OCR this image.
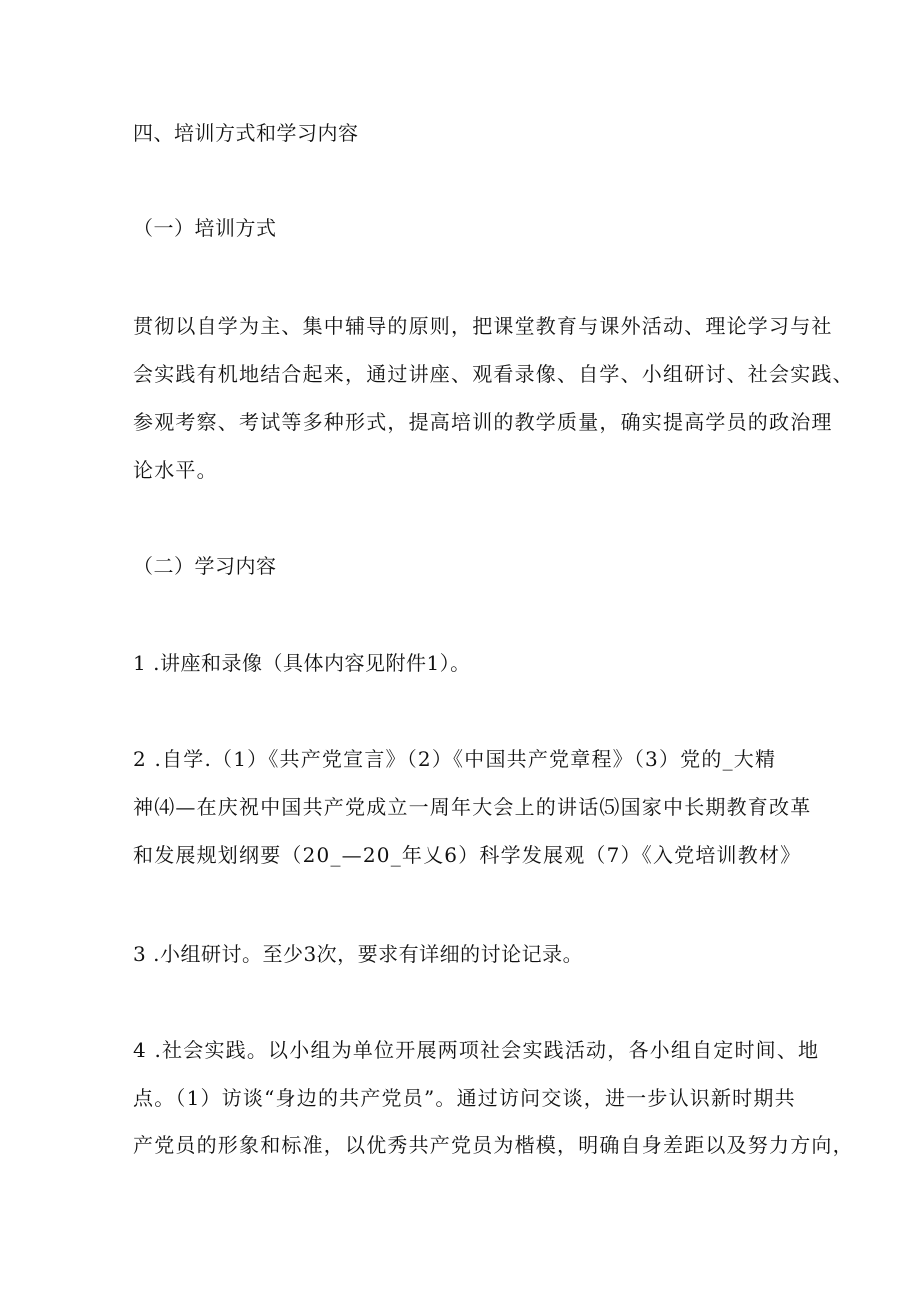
四、培训方式和学习内容
（一）培训方式
贯彻以自学为主、集中辅导的原则，把课堂教育与课外活动、理论学习与社
会实践有机地结合起来，通过讲座、观看录像、自学、小组研讨、社会实践、
参观考察、考试等多种形式，提高培训的教学质量，确实提高学员的政治理
论水平。
（二）学习内容
1 .讲座和录像（具体内容见附件1）。
2 .自学.（1）《共产党宣言》（2）《中国共产党章程》（3）党的_大精
神⑷—在庆祝中国共产党成立一周年大会上的讲话⑸国家中长期教育改革
和发展规划纲要（20_—20_年乂6）科学发展观（7）《入党培训教材》
3 .小组研讨。至少3次，要求有详细的讨论记录。
4 .社会实践。以小组为单位开展两项社会实践活动，各小组自定时间、地
点。（1）访谈“身边的共产党员”。通过访问交谈，进一步认识新时期共
产党员的形象和标准，以优秀共产党员为楷模，明确自身差距以及努力方向，
